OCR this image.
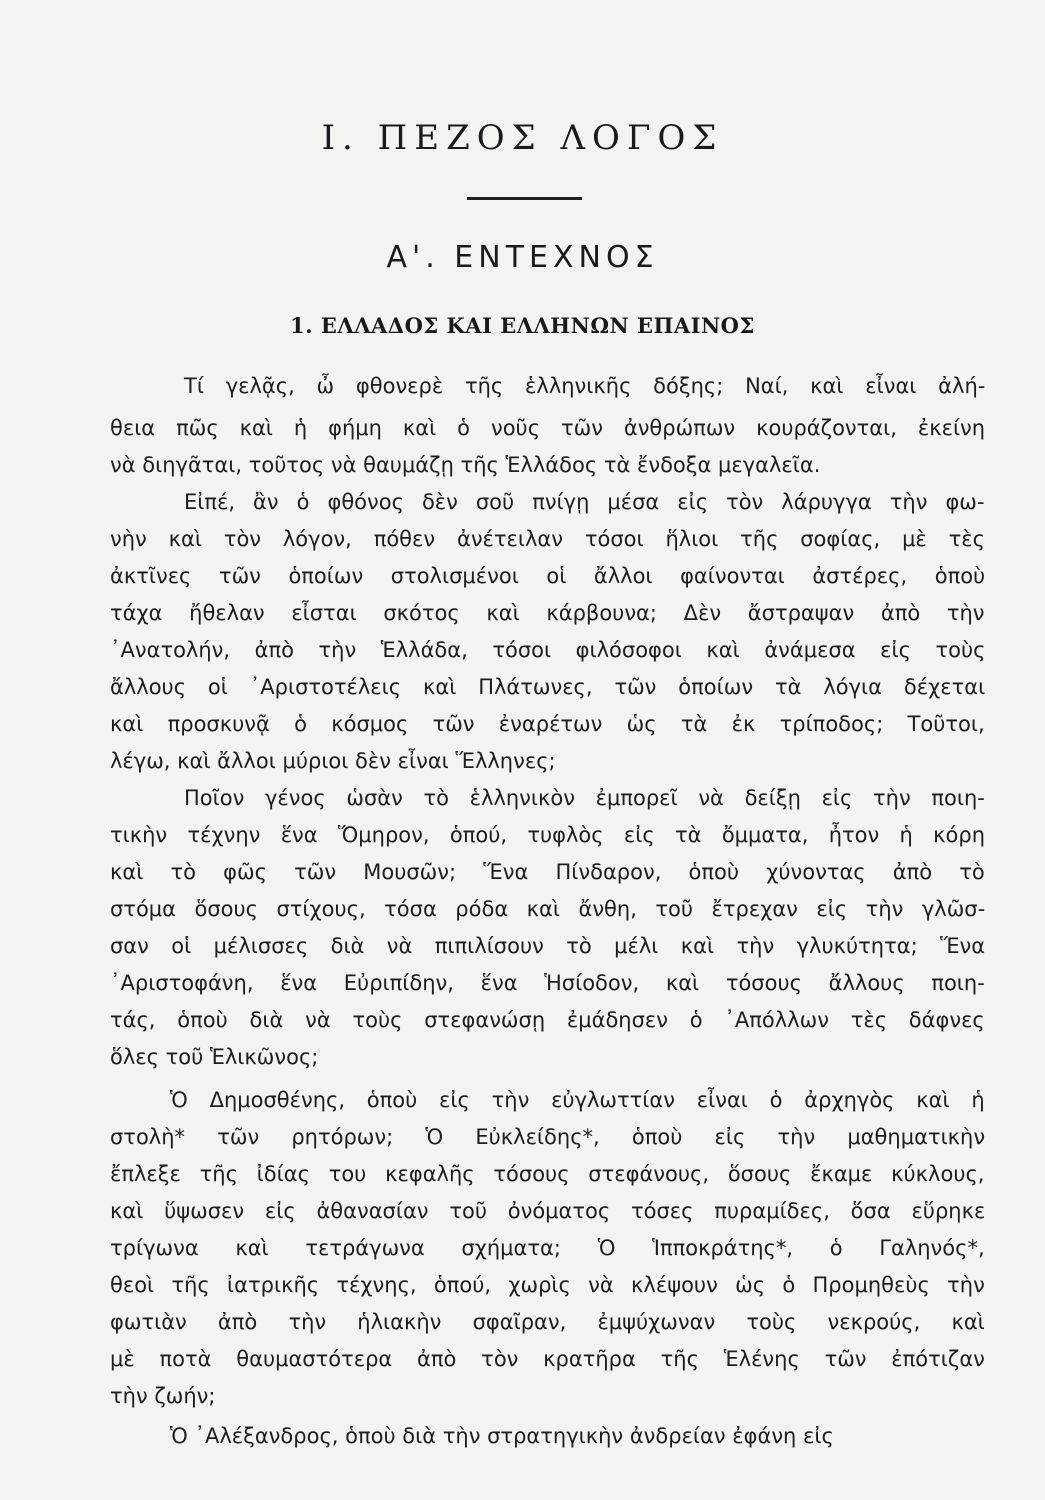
Ι. ΠΕΖΟΣ ΛΟΓΟΣ
Α'. ΕΝΤΕΧΝΟΣ
1. ΕΛΛΑΔΟΣ ΚΑΙ ΕΛΛΗΝΩΝ ΕΠΑΙΝΟΣ
Τί γελᾷς, ὦ φθονερὲ τῆς ἑλληνικῆς δόξης; Ναί, καὶ εἶναι ἀλή-
θεια πῶς καὶ ἡ φήμη καὶ ὁ νοῦς τῶν ἀνθρώπων κουράζονται, ἐκείνη
νὰ διηγᾶται, τοῦτος νὰ θαυμάζῃ τῆς Ἑλλάδος τὰ ἔνδοξα μεγαλεῖα.
Εἰπέ, ἂν ὁ φθόνος δὲν σοῦ πνίγῃ μέσα εἰς τὸν λάρυγγα τὴν φω-
νὴν καὶ τὸν λόγον, πόθεν ἀνέτειλαν τόσοι ἥλιοι τῆς σοφίας, μὲ τὲς
ἀκτῖνες τῶν ὁποίων στολισμένοι οἱ ἄλλοι φαίνονται ἀστέρες, ὁποὺ
τάχα ἤθελαν εἶσται σκότος καὶ κάρβουνα; Δὲν ἄστραψαν ἀπὸ τὴν
᾿Ανατολήν, ἀπὸ τὴν Ἑλλάδα, τόσοι φιλόσοφοι καὶ ἀνάμεσα εἰς τοὺς
ἄλλους οἱ ᾿Αριστοτέλεις καὶ Πλάτωνες, τῶν ὁποίων τὰ λόγια δέχεται
καὶ προσκυνᾷ ὁ κόσμος τῶν ἐναρέτων ὡς τὰ ἐκ τρίποδος; Τοῦτοι,
λέγω, καὶ ἄλλοι μύριοι δὲν εἶναι Ἕλληνες;
Ποῖον γένος ὡσὰν τὸ ἑλληνικὸν ἐμπορεῖ νὰ δείξῃ εἰς τὴν ποιη-
τικὴν τέχνην ἕνα Ὅμηρον, ὁπού, τυφλὸς εἰς τὰ ὄμματα, ἦτον ἡ κόρη
καὶ τὸ φῶς τῶν Μουσῶν; Ἕνα Πίνδαρον, ὁποὺ χύνοντας ἀπὸ τὸ
στόμα ὅσους στίχους, τόσα ρόδα καὶ ἄνθη, τοῦ ἔτρεχαν εἰς τὴν γλῶσ-
σαν οἱ μέλισσες διὰ νὰ πιπιλίσουν τὸ μέλι καὶ τὴν γλυκύτητα; Ἕνα
᾿Αριστοφάνη, ἕνα Εὐριπίδην, ἕνα Ἡσίοδον, καὶ τόσους ἄλλους ποιη-
τάς, ὁποὺ διὰ νὰ τοὺς στεφανώσῃ ἐμάδησεν ὁ ᾿Απόλλων τὲς δάφνες
ὅλες τοῦ Ἑλικῶνος;
Ὁ Δημοσθένης, ὁποὺ εἰς τὴν εὐγλωττίαν εἶναι ὁ ἀρχηγὸς καὶ ἡ
στολὴ* τῶν ρητόρων; Ὁ Εὐκλείδης*, ὁποὺ εἰς τὴν μαθηματικὴν
ἔπλεξε τῆς ἰδίας του κεφαλῆς τόσους στεφάνους, ὅσους ἔκαμε κύκλους,
καὶ ὕψωσεν εἰς ἀθανασίαν τοῦ ὀνόματος τόσες πυραμίδες, ὅσα εὕρηκε
τρίγωνα καὶ τετράγωνα σχήματα; Ὁ Ἱπποκράτης*, ὁ Γαληνός*,
θεοὶ τῆς ἰατρικῆς τέχνης, ὁπού, χωρὶς νὰ κλέψουν ὡς ὁ Προμηθεὺς τὴν
φωτιὰν ἀπὸ τὴν ἡλιακὴν σφαῖραν, ἐμψύχωναν τοὺς νεκρούς, καὶ
μὲ ποτὰ θαυμαστότερα ἀπὸ τὸν κρατῆρα τῆς Ἑλένης τῶν ἐπότιζαν
τὴν ζωήν;
Ὁ ᾿Αλέξανδρος, ὁποὺ διὰ τὴν στρατηγικὴν ἀνδρείαν ἐφάνη εἰς
